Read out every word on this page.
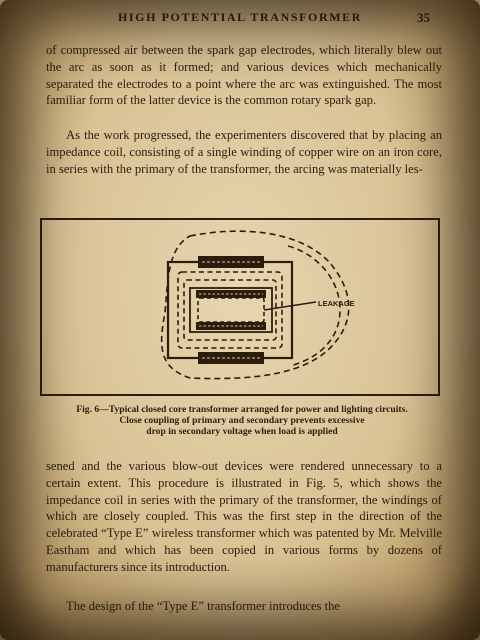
HIGH POTENTIAL TRANSFORMER	35

of compressed air between the spark gap electrodes, which literally blew out the arc as soon as it formed; and various devices which mechanically separated the electrodes to a point where the arc was extinguished. The most familiar form of the latter device is the common rotary spark gap.

As the work progressed, the experimenters discovered that by placing an impedance coil, consisting of a single winding of copper wire on an iron core, in series with the primary of the transformer, the arcing was materially les-

LEAKAGE
Fig. 6—Typical closed core transformer arranged for power and lighting circuits.
Close coupling of primary and secondary prevents excessive
drop in secondary voltage when load is applied

sened and the various blow-out devices were rendered unnecessary to a certain extent. This procedure is illustrated in Fig. 5, which shows the impedance coil in series with the primary of the transformer, the windings of which are closely coupled. This was the first step in the direction of the celebrated “Type E” wireless transformer which was patented by Mr. Melville Eastham and which has been copied in various forms by dozens of manufacturers since its introduction.

The design of the “Type E” transformer introduces the
